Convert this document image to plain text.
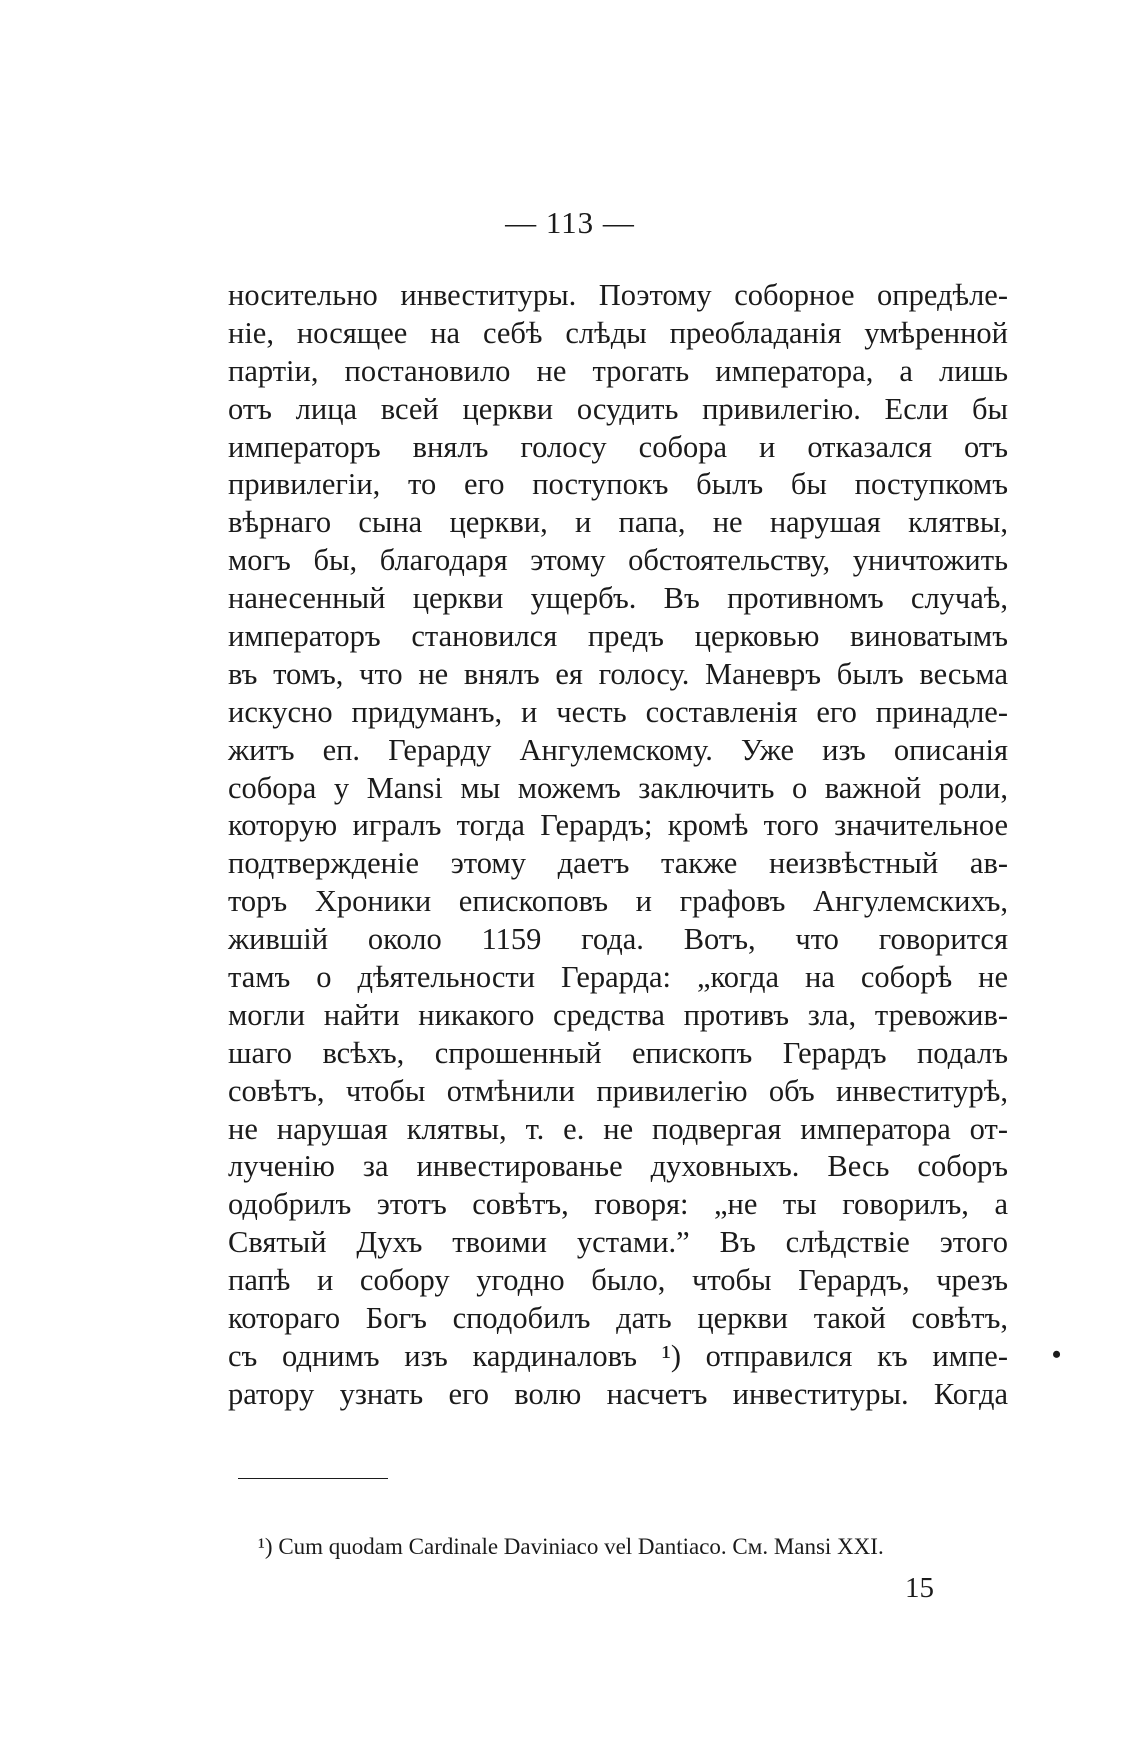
— 113 —
носительно инвеституры. Поэтому соборное опредѣле-
ніе, носящее на себѣ слѣды преобладанія умѣренной
партіи, постановило не трогать императора, а лишь
отъ лица всей церкви осудить привилегію. Если бы
императоръ внялъ голосу собора и отказался отъ
привилегіи, то его поступокъ былъ бы поступкомъ
вѣрнаго сына церкви, и папа, не нарушая клятвы,
могъ бы, благодаря этому обстоятельству, уничтожить
нанесенный церкви ущербъ. Въ противномъ случаѣ,
императоръ становился предъ церковью виноватымъ
въ томъ, что не внялъ ея голосу. Маневръ былъ весьма
искусно придуманъ, и честь составленія его принадле-
житъ еп. Герарду Ангулемскому. Уже изъ описанія
собора у Mansi мы можемъ заключить о важной роли,
которую игралъ тогда Герардъ; кромѣ того значительное
подтвержденіе этому даетъ также неизвѣстный ав-
торъ Хроники епископовъ и графовъ Ангулемскихъ,
жившій около 1159 года. Вотъ, что говорится
тамъ о дѣятельности Герарда: „когда на соборѣ не
могли найти никакого средства противъ зла, тревожив-
шаго всѣхъ, спрошенный епископъ Герардъ подалъ
совѣтъ, чтобы отмѣнили привилегію объ инвеститурѣ,
не нарушая клятвы, т. е. не подвергая императора от-
лученію за инвестированье духовныхъ. Весь соборъ
одобрилъ этотъ совѣтъ, говоря: „не ты говорилъ, а
Святый Духъ твоими устами.” Въ слѣдствіе этого
папѣ и собору угодно было, чтобы Герардъ, чрезъ
котораго Богъ сподобилъ дать церкви такой совѣтъ,
съ однимъ изъ кардиналовъ ¹) отправился къ импе-
ратору узнать его волю насчетъ инвеституры. Когда
•
¹) Cum quodam Cardinale Daviniaco vel Dantiaco. См. Mansi XXI.
15
